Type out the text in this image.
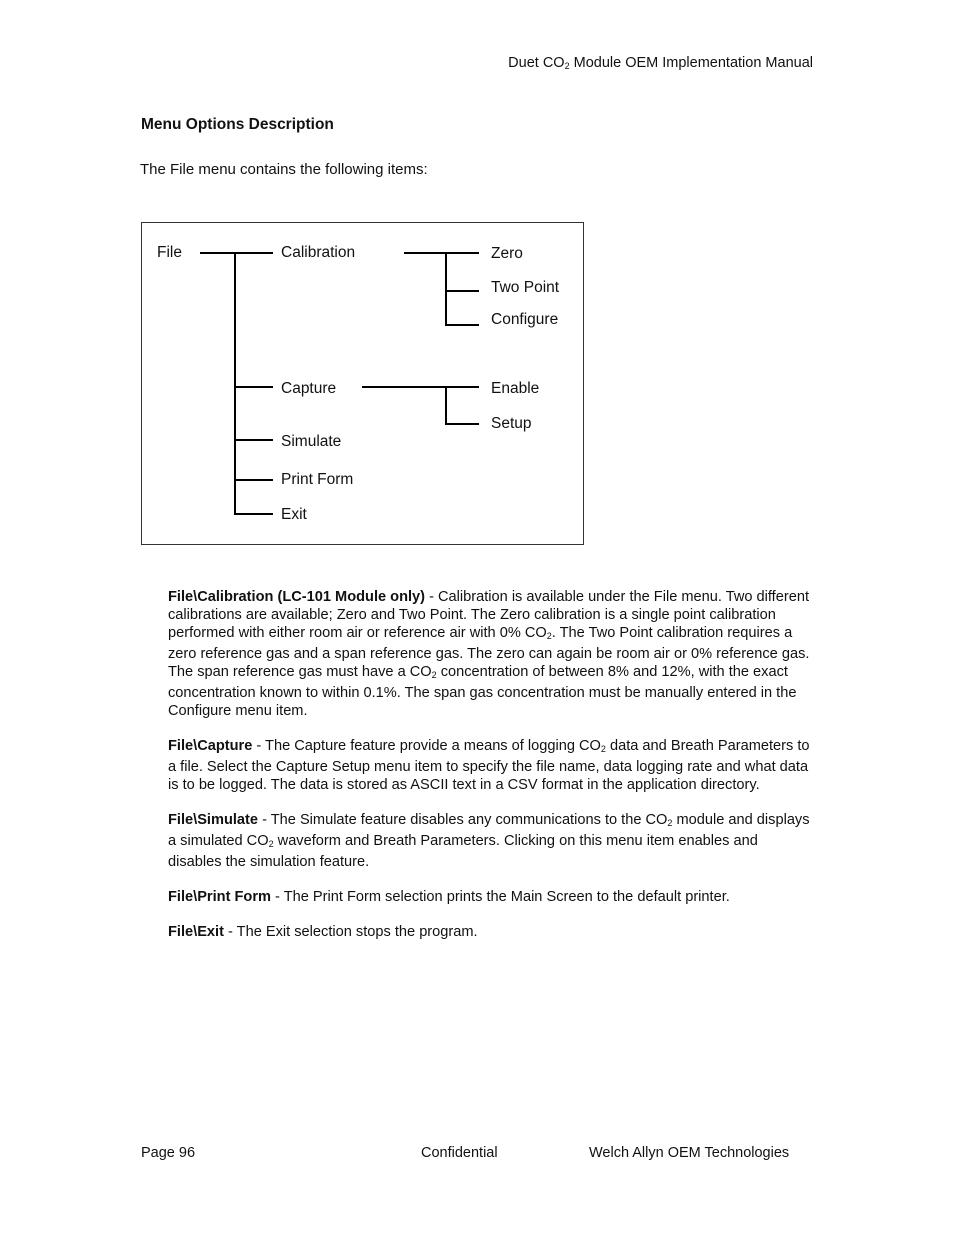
Duet $CO_2$ Module OEM Implementation Manual
Menu Options Description
The File menu contains the following items:
File	Calibration	Zero
Two Point
Configure
Capture	Enable
Setup
Simulate
Print Form
Exit

File\Calibration (LC-101 Module only) - Calibration is available under the File menu. Two different calibrations are available; Zero and Two Point. The Zero calibration is a single point calibration performed with either room air or reference air with 0% $CO_2$. The Two Point calibration requires a zero reference gas and a span reference gas. The zero can again be room air or 0% reference gas. The span reference gas must have a $CO_2$ concentration of between 8% and 12%, with the exact concentration known to within 0.1%. The span gas concentration must be manually entered in the Configure menu item.

File\Capture - The Capture feature provide a means of logging $CO_2$ data and Breath Parameters to a file. Select the Capture Setup menu item to specify the file name, data logging rate and what data is to be logged. The data is stored as ASCII text in a CSV format in the application directory.

File\Simulate - The Simulate feature disables any communications to the $CO_2$ module and displays a simulated $CO_2$ waveform and Breath Parameters. Clicking on this menu item enables and disables the simulation feature.

File\Print Form - The Print Form selection prints the Main Screen to the default printer.

File\Exit - The Exit selection stops the program.

Page 96	Confidential	Welch Allyn OEM Technologies
